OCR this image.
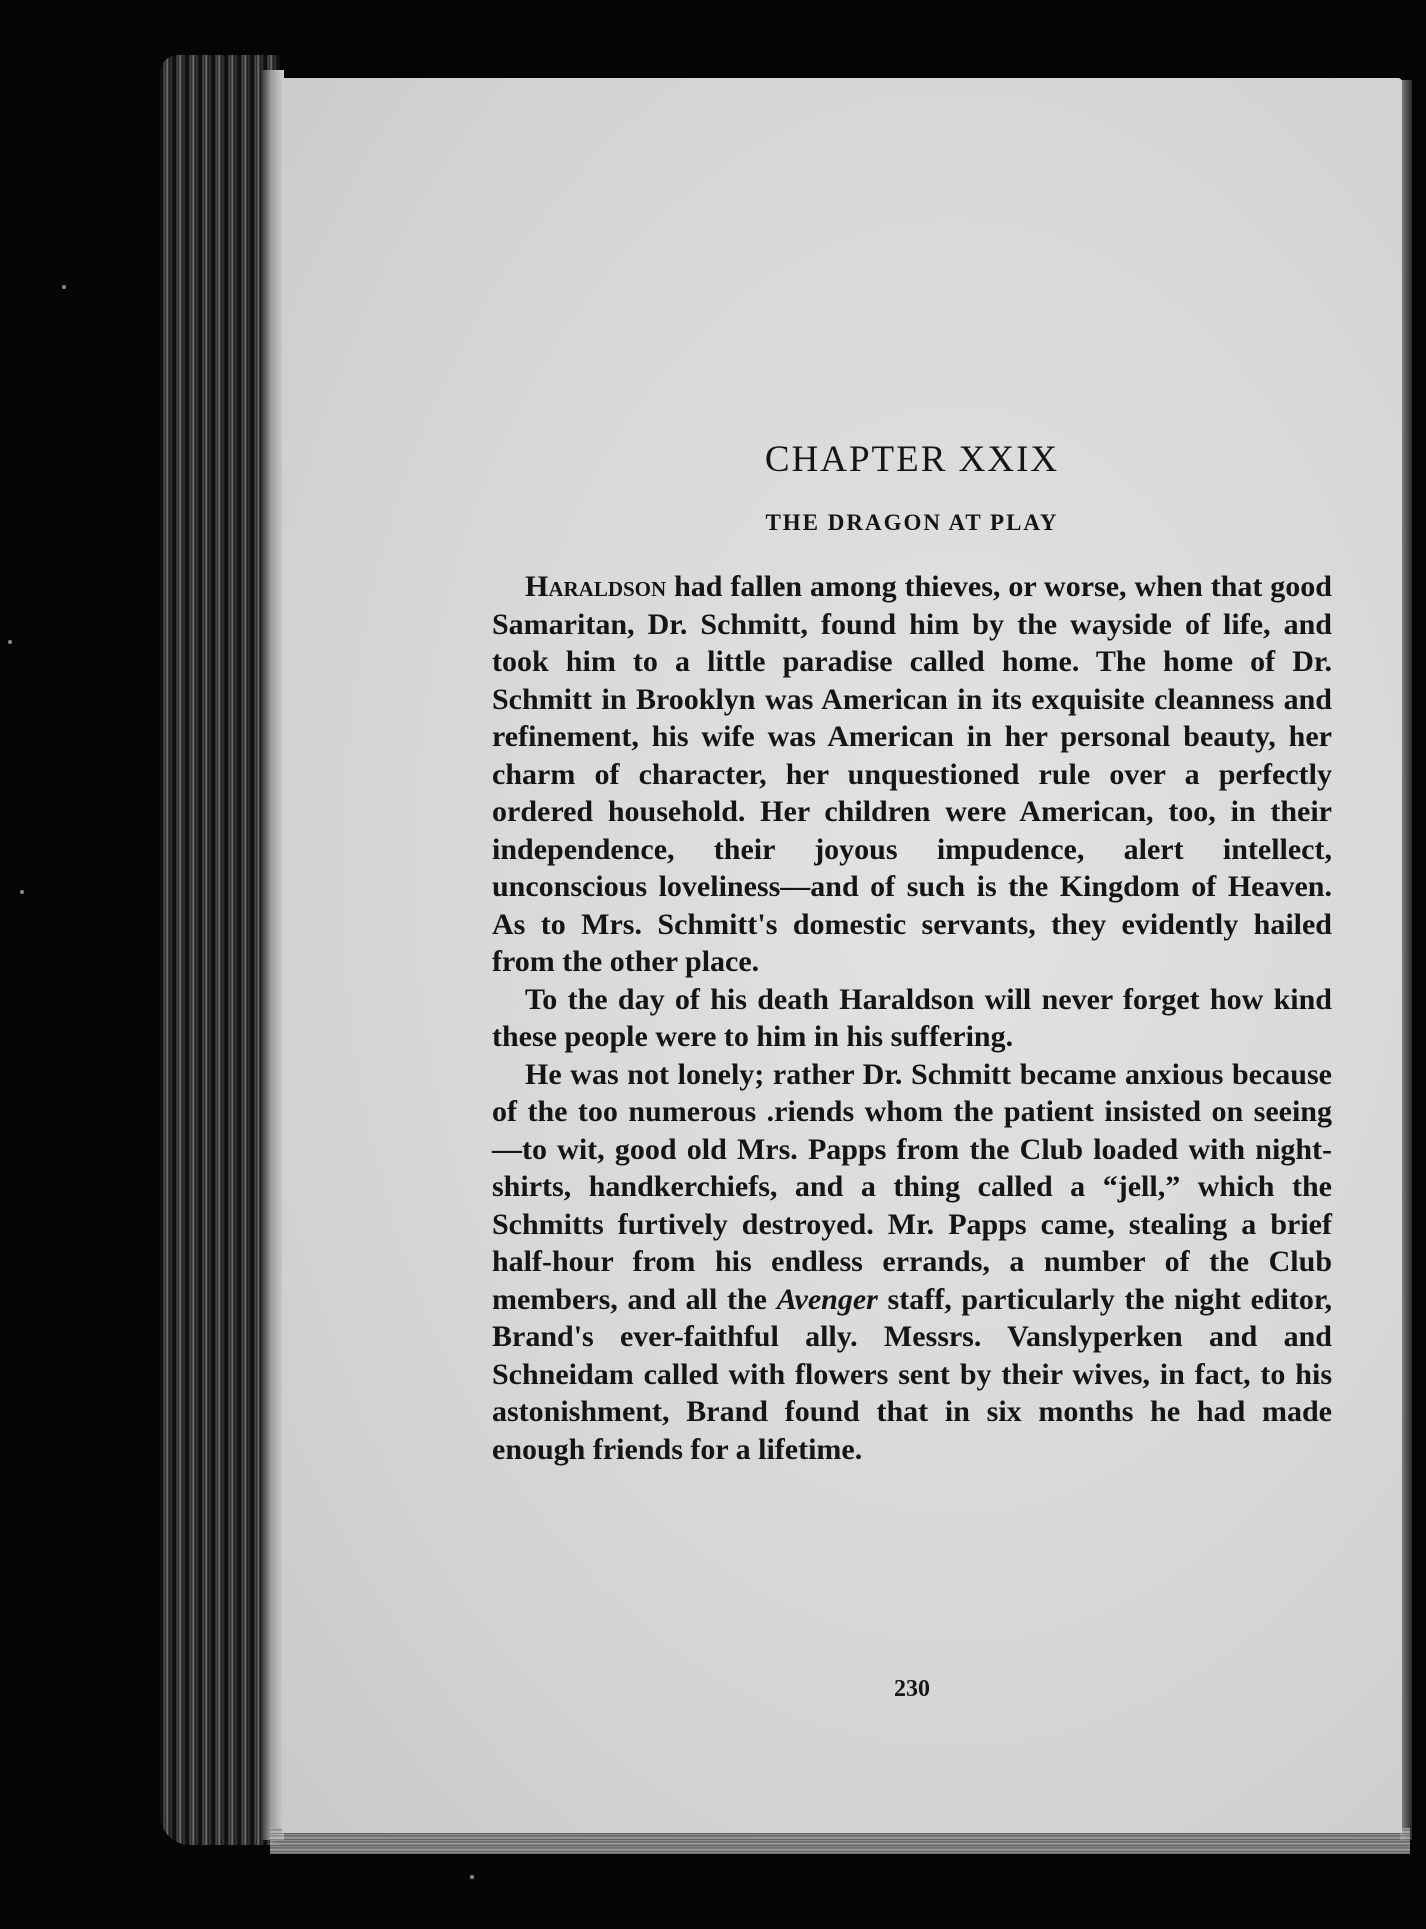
CHAPTER XXIX
THE DRAGON AT PLAY

Haraldson had fallen among thieves, or worse, when that good Samaritan, Dr. Schmitt, found him by the wayside of life, and took him to a little paradise called home. The home of Dr. Schmitt in Brooklyn was American in its exquisite cleanness and refinement, his wife was American in her personal beauty, her charm of character, her unquestioned rule over a perfectly ordered household. Her children were American, too, in their independence, their joyous impudence, alert intellect, unconscious loveliness—and of such is the Kingdom of Heaven. As to Mrs. Schmitt's domestic servants, they evidently hailed from the other place.

To the day of his death Haraldson will never forget how kind these people were to him in his suffering.

He was not lonely; rather Dr. Schmitt became anxious because of the too numerous .riends whom the patient insisted on seeing—to wit, good old Mrs. Papps from the Club loaded with night-shirts, handkerchiefs, and a thing called a “jell,” which the Schmitts furtively destroyed. Mr. Papps came, stealing a brief half-hour from his endless errands, a number of the Club members, and all the Avenger staff, particularly the night editor, Brand's ever-faithful ally. Messrs. Vanslyperken and and Schneidam called with flowers sent by their wives, in fact, to his astonishment, Brand found that in six months he had made enough friends for a lifetime.

230
